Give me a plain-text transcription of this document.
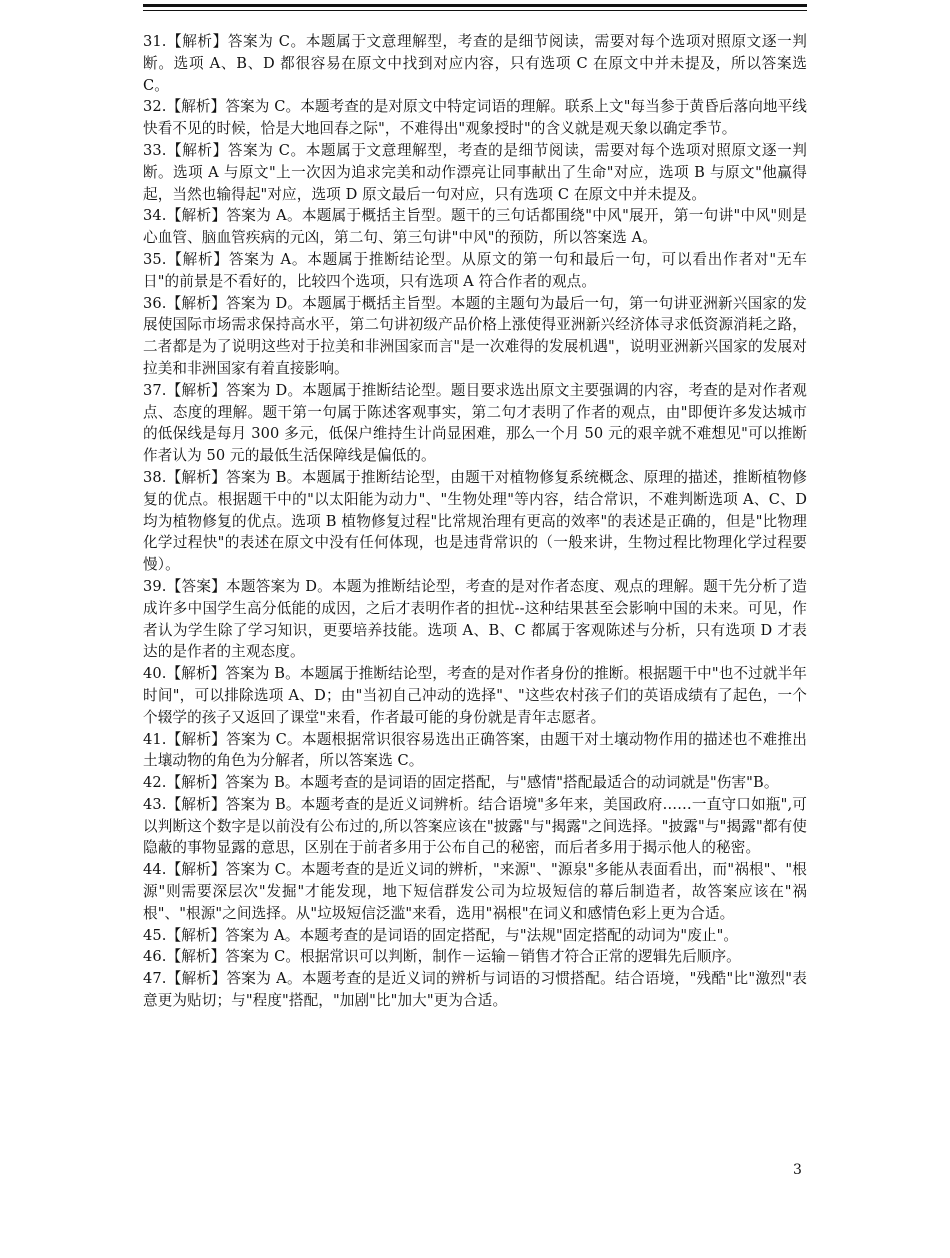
31.【解析】答案为 C。本题属于文意理解型，考查的是细节阅读，需要对每个选项对照原文逐一判断。选项 A、B、D 都很容易在原文中找到对应内容，只有选项 C 在原文中并未提及，所以答案选 C。

32.【解析】答案为 C。本题考查的是对原文中特定词语的理解。联系上文"每当参于黄昏后落向地平线快看不见的时候，恰是大地回春之际"，不难得出"观象授时"的含义就是观天象以确定季节。

33.【解析】答案为 C。本题属于文意理解型，考查的是细节阅读，需要对每个选项对照原文逐一判断。选项 A 与原文"上一次因为追求完美和动作漂亮让同事献出了生命"对应，选项 B 与原文"他赢得起，当然也输得起"对应，选项 D 原文最后一句对应，只有选项 C 在原文中并未提及。

34.【解析】答案为 A。本题属于概括主旨型。题干的三句话都围绕"中风"展开，第一句讲"中风"则是心血管、脑血管疾病的元凶，第二句、第三句讲"中风"的预防，所以答案选 A。

35.【解析】答案为 A。本题属于推断结论型。从原文的第一句和最后一句，可以看出作者对"无车日"的前景是不看好的，比较四个选项，只有选项 A 符合作者的观点。

36.【解析】答案为 D。本题属于概括主旨型。本题的主题句为最后一句，第一句讲亚洲新兴国家的发展使国际市场需求保持高水平，第二句讲初级产品价格上涨使得亚洲新兴经济体寻求低资源消耗之路，二者都是为了说明这些对于拉美和非洲国家而言"是一次难得的发展机遇"，说明亚洲新兴国家的发展对拉美和非洲国家有着直接影响。

37.【解析】答案为 D。本题属于推断结论型。题目要求选出原文主要强调的内容，考查的是对作者观点、态度的理解。题干第一句属于陈述客观事实，第二句才表明了作者的观点，由"即便许多发达城市的低保线是每月 300 多元，低保户维持生计尚显困难，那么一个月 50 元的艰辛就不难想见"可以推断作者认为 50 元的最低生活保障线是偏低的。

38.【解析】答案为 B。本题属于推断结论型，由题干对植物修复系统概念、原理的描述，推断植物修复的优点。根据题干中的"以太阳能为动力"、"生物处理"等内容，结合常识，不难判断选项 A、C、D 均为植物修复的优点。选项 B 植物修复过程"比常规治理有更高的效率"的表述是正确的，但是"比物理化学过程快"的表述在原文中没有任何体现，也是违背常识的（一般来讲，生物过程比物理化学过程要慢）。

39.【答案】本题答案为 D。本题为推断结论型，考查的是对作者态度、观点的理解。题干先分析了造成许多中国学生高分低能的成因，之后才表明作者的担忧--这种结果甚至会影响中国的未来。可见，作者认为学生除了学习知识，更要培养技能。选项 A、B、C 都属于客观陈述与分析，只有选项 D 才表达的是作者的主观态度。

40.【解析】答案为 B。本题属于推断结论型，考查的是对作者身份的推断。根据题干中"也不过就半年时间"，可以排除选项 A、D；由"当初自己冲动的选择"、"这些农村孩子们的英语成绩有了起色，一个个辍学的孩子又返回了课堂"来看，作者最可能的身份就是青年志愿者。

41.【解析】答案为 C。本题根据常识很容易选出正确答案，由题干对土壤动物作用的描述也不难推出土壤动物的角色为分解者，所以答案选 C。

42.【解析】答案为 B。本题考查的是词语的固定搭配，与"感情"搭配最适合的动词就是"伤害"B。

43.【解析】答案为 B。本题考查的是近义词辨析。结合语境"多年来，美国政府……一直守口如瓶",可以判断这个数字是以前没有公布过的,所以答案应该在"披露"与"揭露"之间选择。"披露"与"揭露"都有使隐蔽的事物显露的意思，区别在于前者多用于公布自己的秘密，而后者多用于揭示他人的秘密。

44.【解析】答案为 C。本题考查的是近义词的辨析，"来源"、"源泉"多能从表面看出，而"祸根"、"根源"则需要深层次"发掘"才能发现，地下短信群发公司为垃圾短信的幕后制造者，故答案应该在"祸根"、"根源"之间选择。从"垃圾短信泛滥"来看，选用"祸根"在词义和感情色彩上更为合适。

45.【解析】答案为 A。本题考查的是词语的固定搭配，与"法规"固定搭配的动词为"废止"。

46.【解析】答案为 C。根据常识可以判断，制作－运输－销售才符合正常的逻辑先后顺序。

47.【解析】答案为 A。本题考查的是近义词的辨析与词语的习惯搭配。结合语境，"残酷"比"激烈"表意更为贴切；与"程度"搭配，"加剧"比"加大"更为合适。

3
